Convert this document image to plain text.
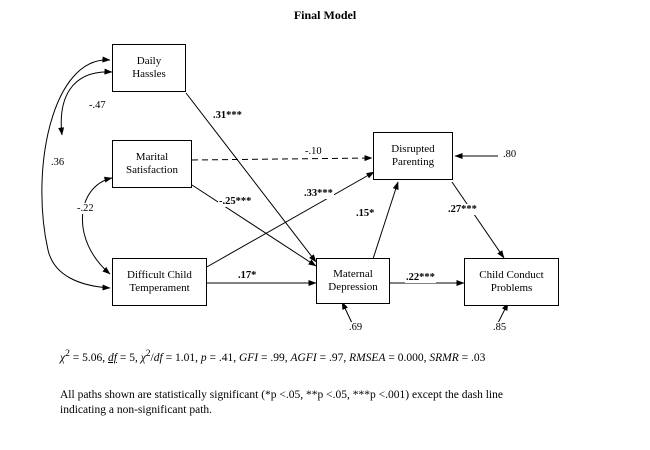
Final Model
Daily
Hassles
Marital
Satisfaction
Difficult Child
Temperament
Disrupted
Parenting
Maternal
Depression
Child Conduct
Problems
.31***
-.10
-.25***
.33***
.17*
.15*
.22***
.27***
-.47
.36
-.22
.80
.69	.85
$\chi^2 = 5.06$, df = 5, $\chi^2/df = 1.01$, p = .41, GFI = .99, AGFI = .97, RMSEA = 0.000, SRMR = .03
All paths shown are statistically significant (*p <.05, **p <.05, ***p <.001) except the dash line
indicating a non-significant path.
